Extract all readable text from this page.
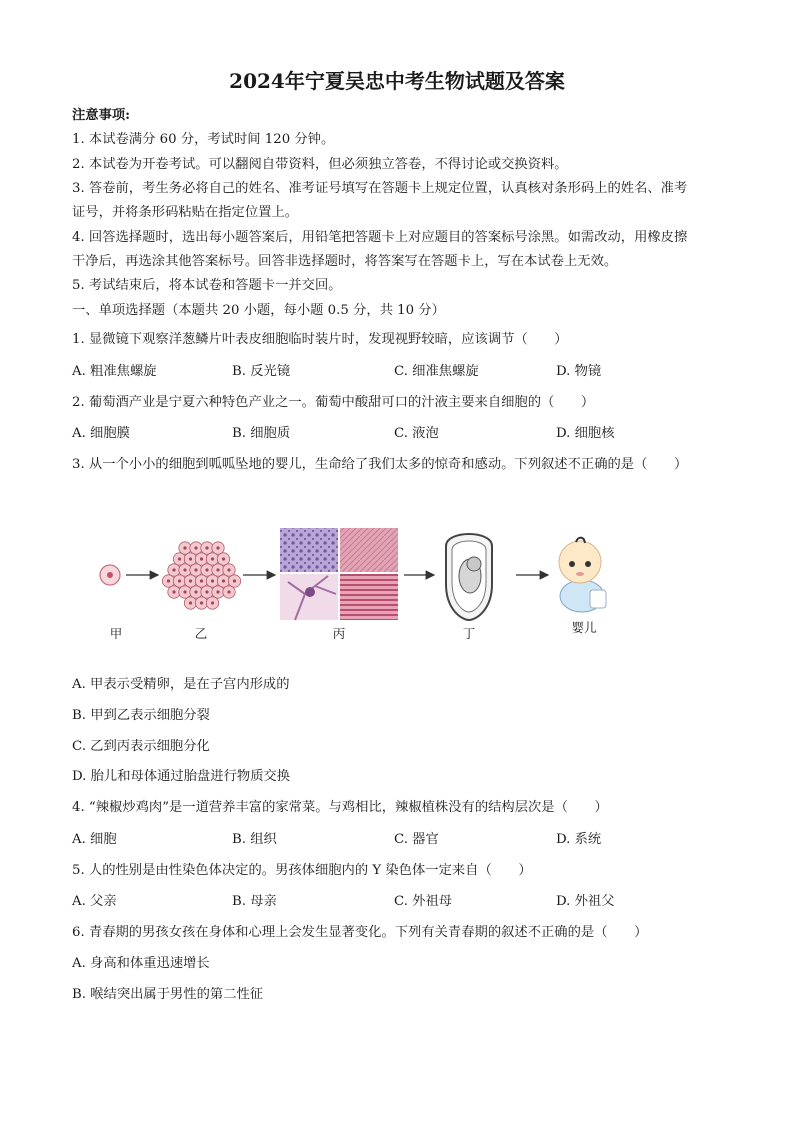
2024年宁夏吴忠中考生物试题及答案
注意事项:
1. 本试卷满分 60 分，考试时间 120 分钟。
2. 本试卷为开卷考试。可以翻阅自带资料，但必须独立答卷，不得讨论或交换资料。
3. 答卷前，考生务必将自己的姓名、准考证号填写在答题卡上规定位置，认真核对条形码上的姓名、准考
证号，并将条形码粘贴在指定位置上。
4. 回答选择题时，选出每小题答案后，用铅笔把答题卡上对应题目的答案标号涂黑。如需改动，用橡皮擦
干净后，再选涂其他答案标号。回答非选择题时，将答案写在答题卡上，写在本试卷上无效。
5. 考试结束后，将本试卷和答题卡一并交回。
一、单项选择题（本题共 20 小题，每小题 0.5 分，共 10 分）
1. 显微镜下观察洋葱鳞片叶表皮细胞临时装片时，发现视野较暗，应该调节（　　）
A. 粗准焦螺旋	B. 反光镜	C. 细准焦螺旋	D. 物镜
2. 葡萄酒产业是宁夏六种特色产业之一。葡萄中酸甜可口的汁液主要来自细胞的（　　）
A. 细胞膜	B. 细胞质	C. 液泡	D. 细胞核
3. 从一个小小的细胞到呱呱坠地的婴儿，生命给了我们太多的惊奇和感动。下列叙述不正确的是（　　）
甲	乙	丙	丁	婴儿
A. 甲表示受精卵，是在子宫内形成的
B. 甲到乙表示细胞分裂
C. 乙到丙表示细胞分化
D. 胎儿和母体通过胎盘进行物质交换
4. “辣椒炒鸡肉”是一道营养丰富的家常菜。与鸡相比，辣椒植株没有的结构层次是（　　）
A. 细胞	B. 组织	C. 器官	D. 系统
5. 人的性别是由性染色体决定的。男孩体细胞内的 Y 染色体一定来自（　　）
A. 父亲	B. 母亲	C. 外祖母	D. 外祖父
6. 青春期的男孩女孩在身体和心理上会发生显著变化。下列有关青春期的叙述不正确的是（　　）
A. 身高和体重迅速增长
B. 喉结突出属于男性的第二性征
